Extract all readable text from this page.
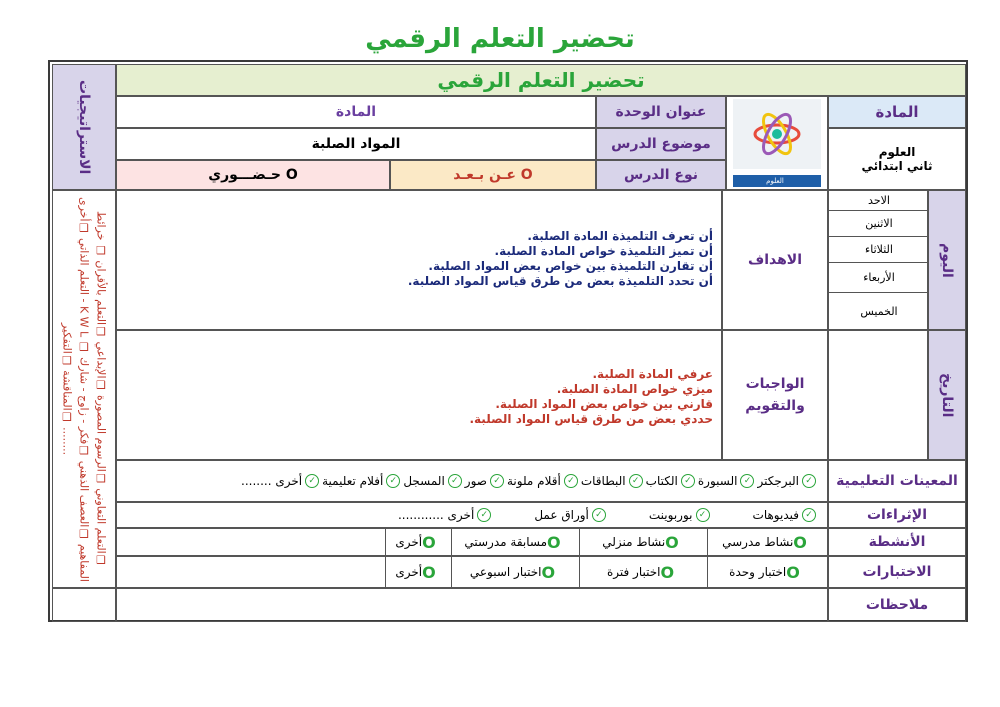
تحضير التعلم الرقمي
تحضير التعلم الرقمي
الاستراتيجيات
❑التعلم التعاوني ❑الرسوم المصورة ❑الإبداعي ❑التعلم بالأقران ❑ خرائط المفاهيم ❑العصف الذهني ❑فكر - زاوج - شارك ❑ K W L - التعلم الذاتي ❑أخرى ........ ❑المناقشة ❑التفكير
المادة
العلوم
ثاني ابتدائي
العلوم
عنوان الوحدة
المادة
موضوع الدرس
المواد الصلبة
نوع الدرس
عـن بـعـد O
حـضـــوري O
اليوم
الاحد
الاثنين
الثلاثاء
الأربعاء
الخميس
التاريخ
الاهداف
أن تعرف التلميذة المادة الصلبة.
أن تميز التلميذة خواص المادة الصلبة.
أن تقارن التلميذة بين خواص بعض المواد الصلبة.
أن تحدد التلميذة بعض من طرق قياس المواد الصلبة.
الواجبات والتقويم
عرفي المادة الصلبة.
ميزي خواص المادة الصلبة.
قارني بين خواص بعض المواد الصلبة.
حددي بعض من طرق قياس المواد الصلبة.
المعينات التعليمية
✓البرجكتر
✓السبورة
✓الكتاب
✓البطاقات
✓أقلام ملونة
✓صور
✓المسجل
✓أفلام تعليمية
✓أخرى ........
الإثراءات
✓فيديوهات
✓بوربوينت
✓أوراق عمل
✓أخرى ............
الأنشطة
O
نشاط مدرسي
O
نشاط منزلي
O
مسابقة مدرستي
O
أخرى
الاختبارات
O
اختبار وحدة
O
اختبار فترة
O
اختبار اسبوعي
O
أخرى
ملاحظات
